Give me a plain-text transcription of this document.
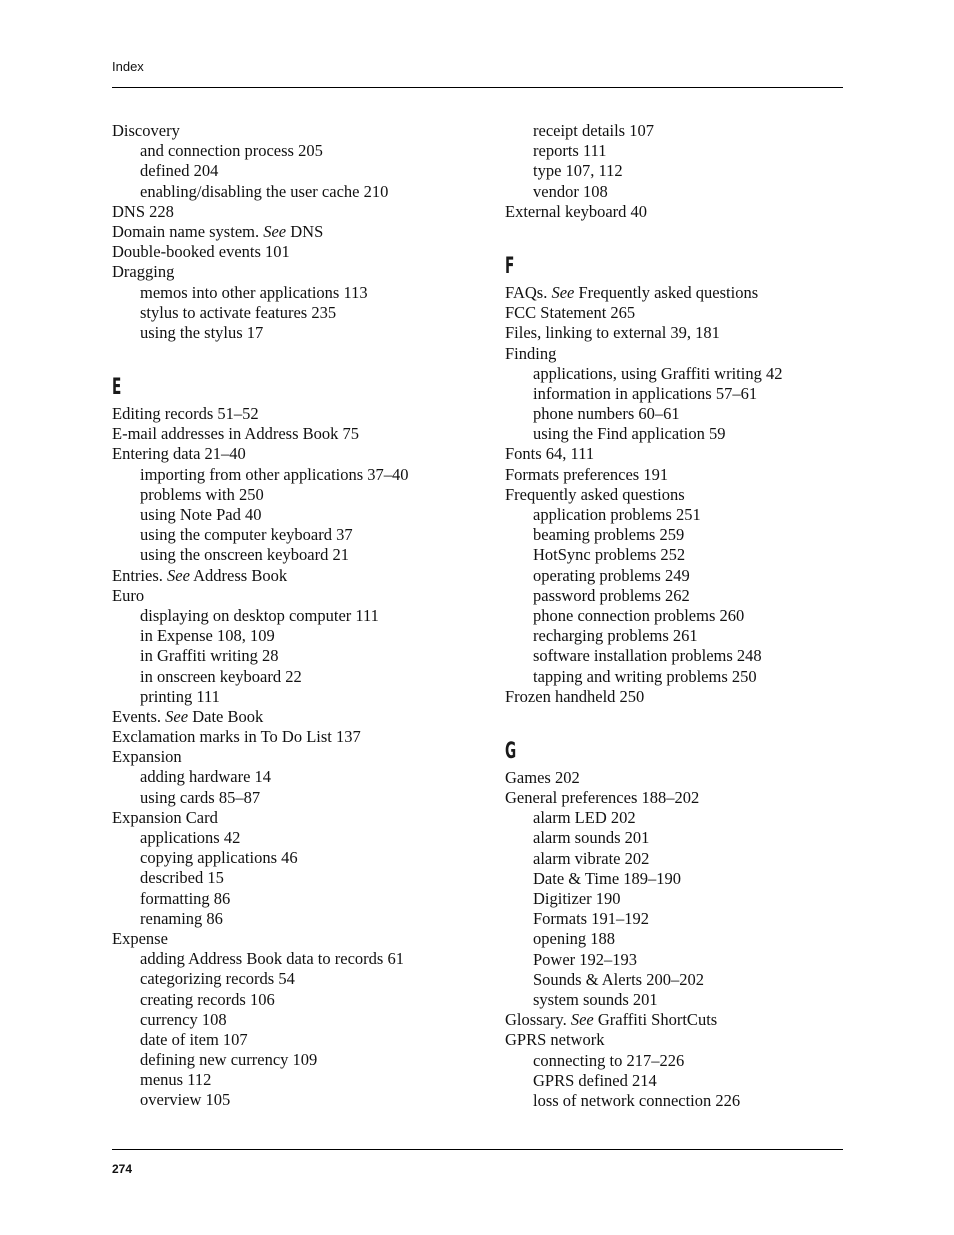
Index
Discovery
and connection process 205
defined 204
enabling/disabling the user cache 210
DNS 228
Domain name system. See DNS
Double-booked events 101
Dragging
memos into other applications 113
stylus to activate features 235
using the stylus 17
E
Editing records 51–52
E-mail addresses in Address Book 75
Entering data 21–40
importing from other applications 37–40
problems with 250
using Note Pad 40
using the computer keyboard 37
using the onscreen keyboard 21
Entries. See Address Book
Euro
displaying on desktop computer 111
in Expense 108, 109
in Graffiti writing 28
in onscreen keyboard 22
printing 111
Events. See Date Book
Exclamation marks in To Do List 137
Expansion
adding hardware 14
using cards 85–87
Expansion Card
applications 42
copying applications 46
described 15
formatting 86
renaming 86
Expense
adding Address Book data to records 61
categorizing records 54
creating records 106
currency 108
date of item 107
defining new currency 109
menus 112
overview 105
receipt details 107
reports 111
type 107, 112
vendor 108
External keyboard 40
F
FAQs. See Frequently asked questions
FCC Statement 265
Files, linking to external 39, 181
Finding
applications, using Graffiti writing 42
information in applications 57–61
phone numbers 60–61
using the Find application 59
Fonts 64, 111
Formats preferences 191
Frequently asked questions
application problems 251
beaming problems 259
HotSync problems 252
operating problems 249
password problems 262
phone connection problems 260
recharging problems 261
software installation problems 248
tapping and writing problems 250
Frozen handheld 250
G
Games 202
General preferences 188–202
alarm LED 202
alarm sounds 201
alarm vibrate 202
Date & Time 189–190
Digitizer 190
Formats 191–192
opening 188
Power 192–193
Sounds & Alerts 200–202
system sounds 201
Glossary. See Graffiti ShortCuts
GPRS network
connecting to 217–226
GPRS defined 214
loss of network connection 226
274
